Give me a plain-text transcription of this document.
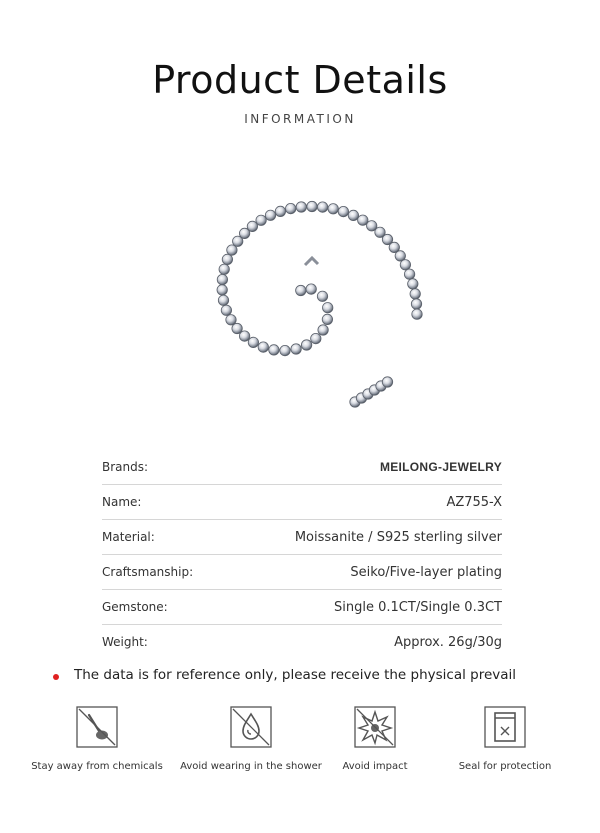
Product Details
INFORMATION
Brands:	MEILONG-JEWELRY
Name:	AZ755-X
Material:	Moissanite / S925 sterling silver
Craftsmanship:	Seiko/Five-layer plating
Gemstone:	Single 0.1CT/Single 0.3CT
Weight:	Approx. 26g/30g
The data is for reference only, please receive the physical prevail
Stay away from chemicals	Avoid wearing in the shower	Avoid impact	Seal for protection
